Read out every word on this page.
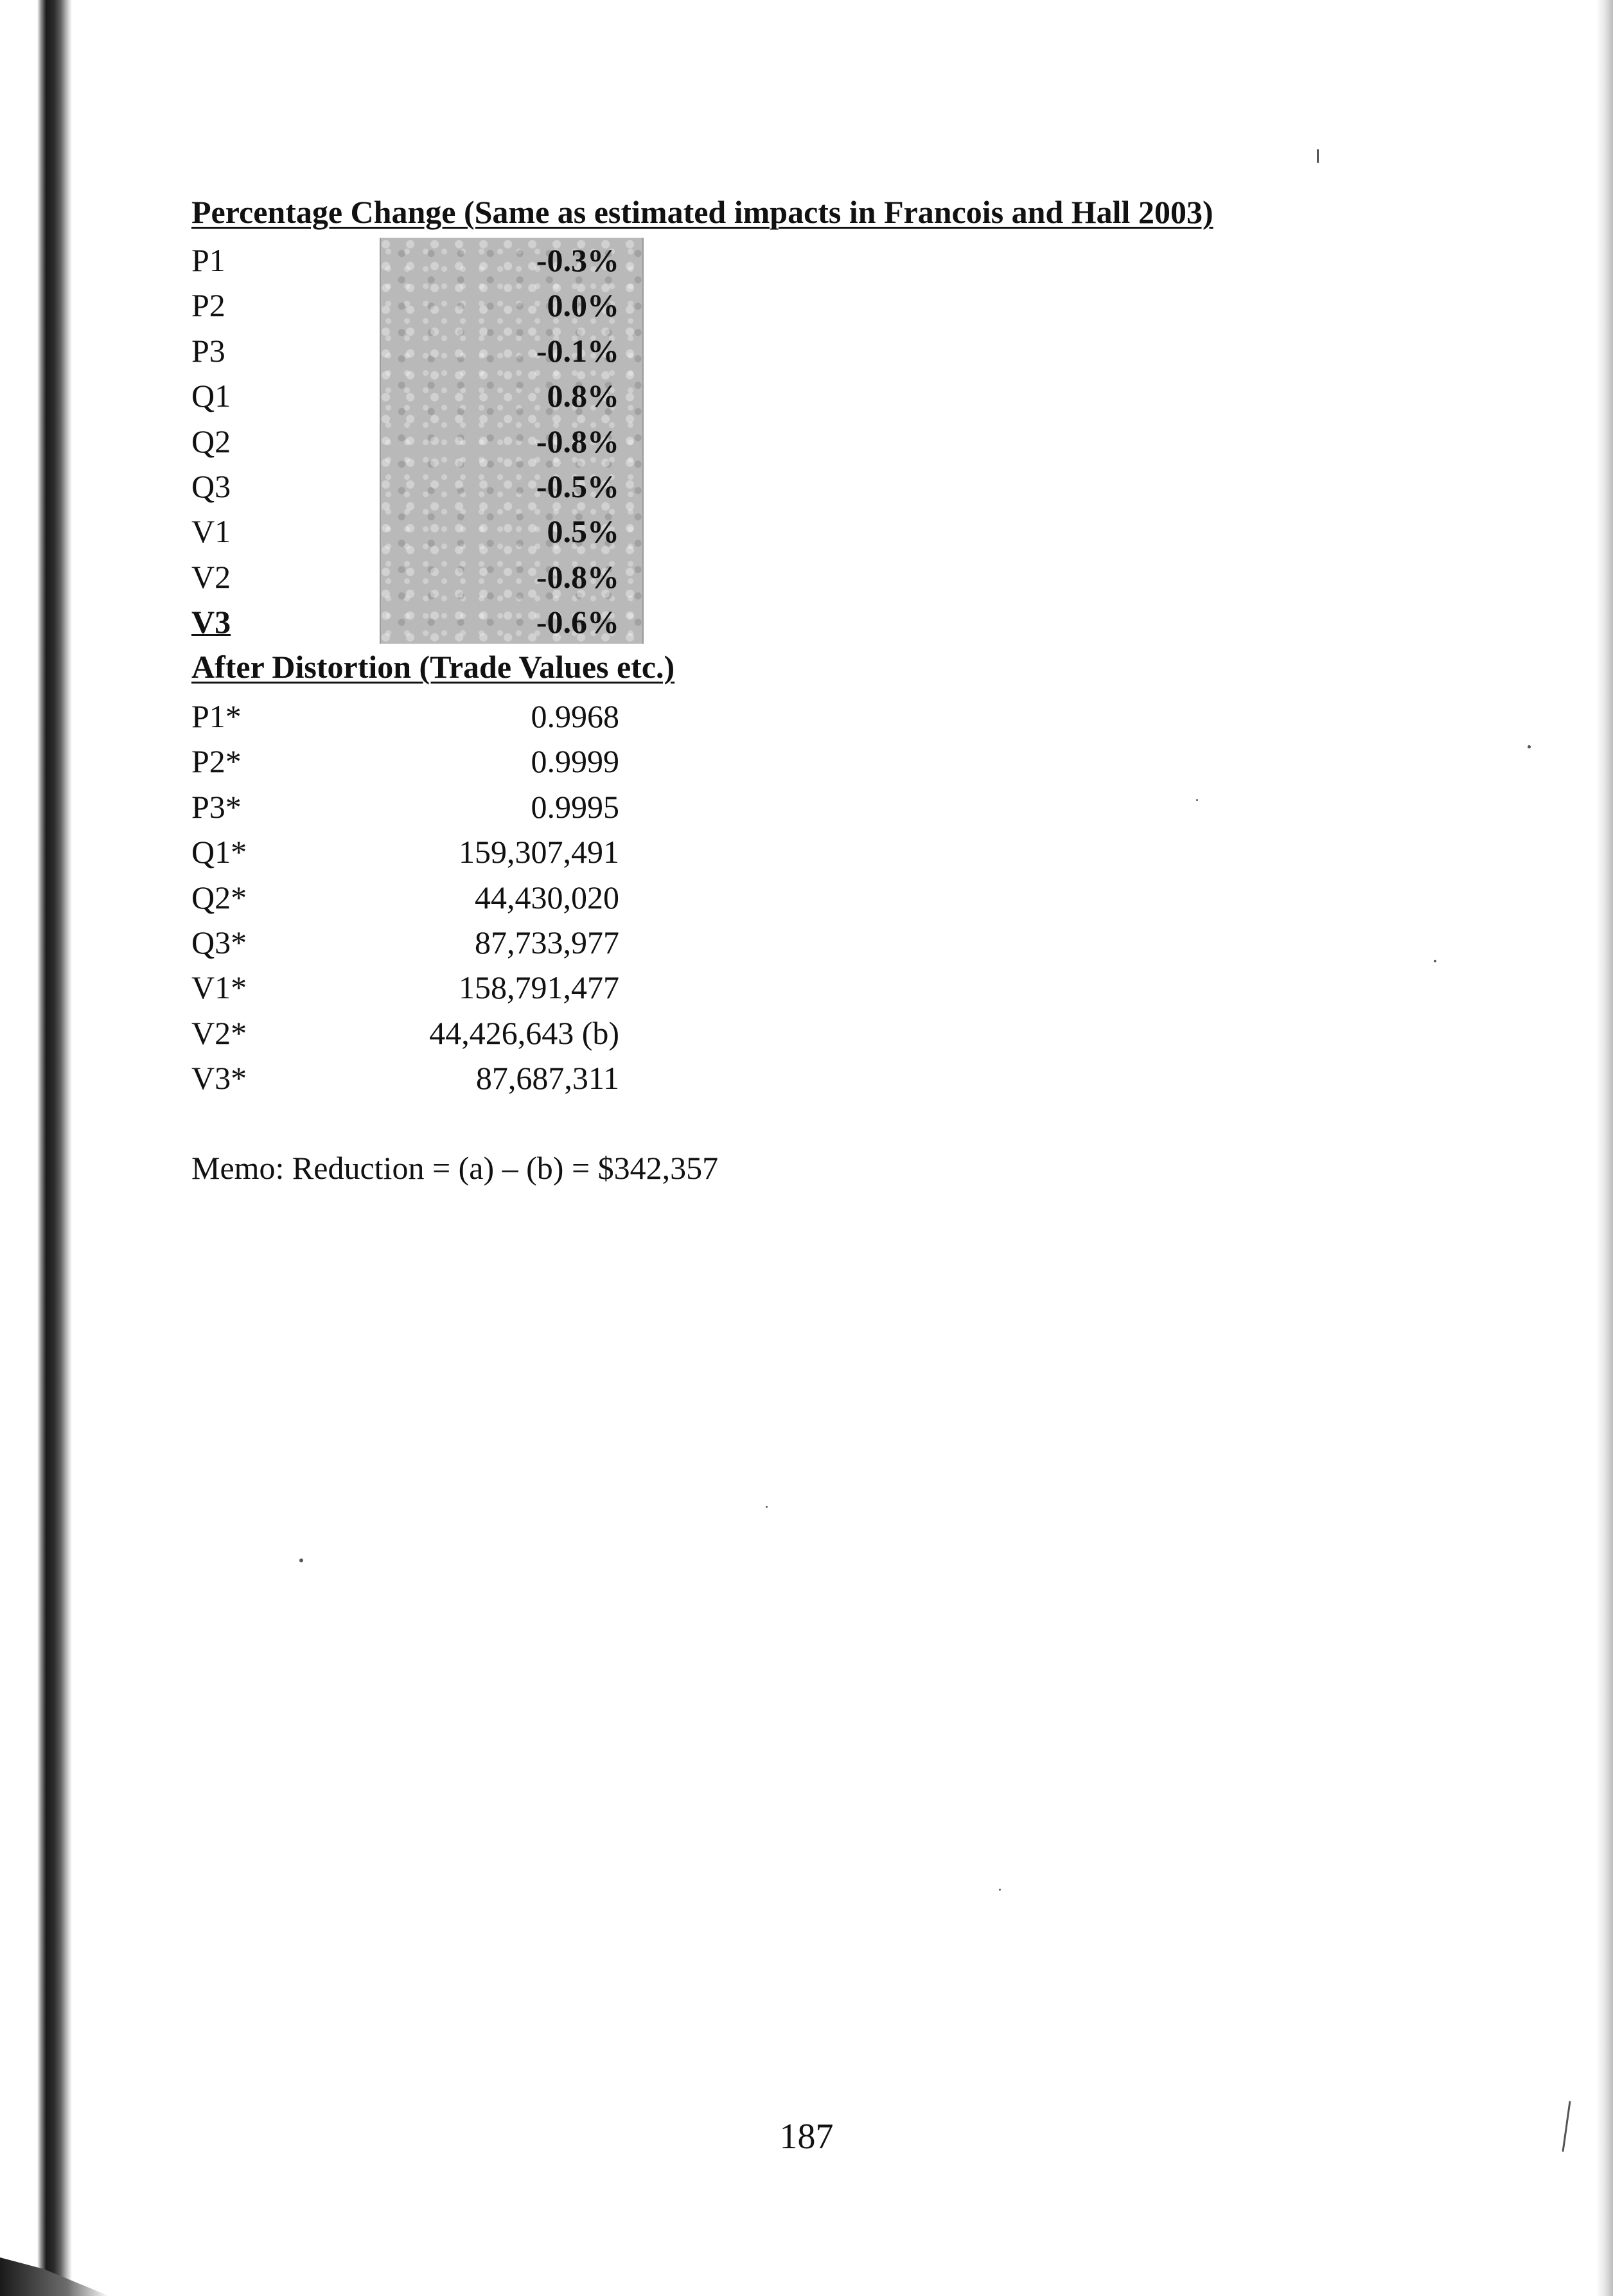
Percentage Change (Same as estimated impacts in Francois and Hall 2003)
P1	-0.3%
P2	0.0%
P3	-0.1%
Q1	0.8%
Q2	-0.8%
Q3	-0.5%
V1	0.5%
V2	-0.8%
V3	-0.6%
After Distortion (Trade Values etc.)
P1*	0.9968
P2*	0.9999
P3*	0.9995
Q1*	159,307,491
Q2*	44,430,020
Q3*	87,733,977
V1*	158,791,477
V2*	44,426,643 (b)
V3*	87,687,311
Memo: Reduction = (a) – (b) = $342,357
187
